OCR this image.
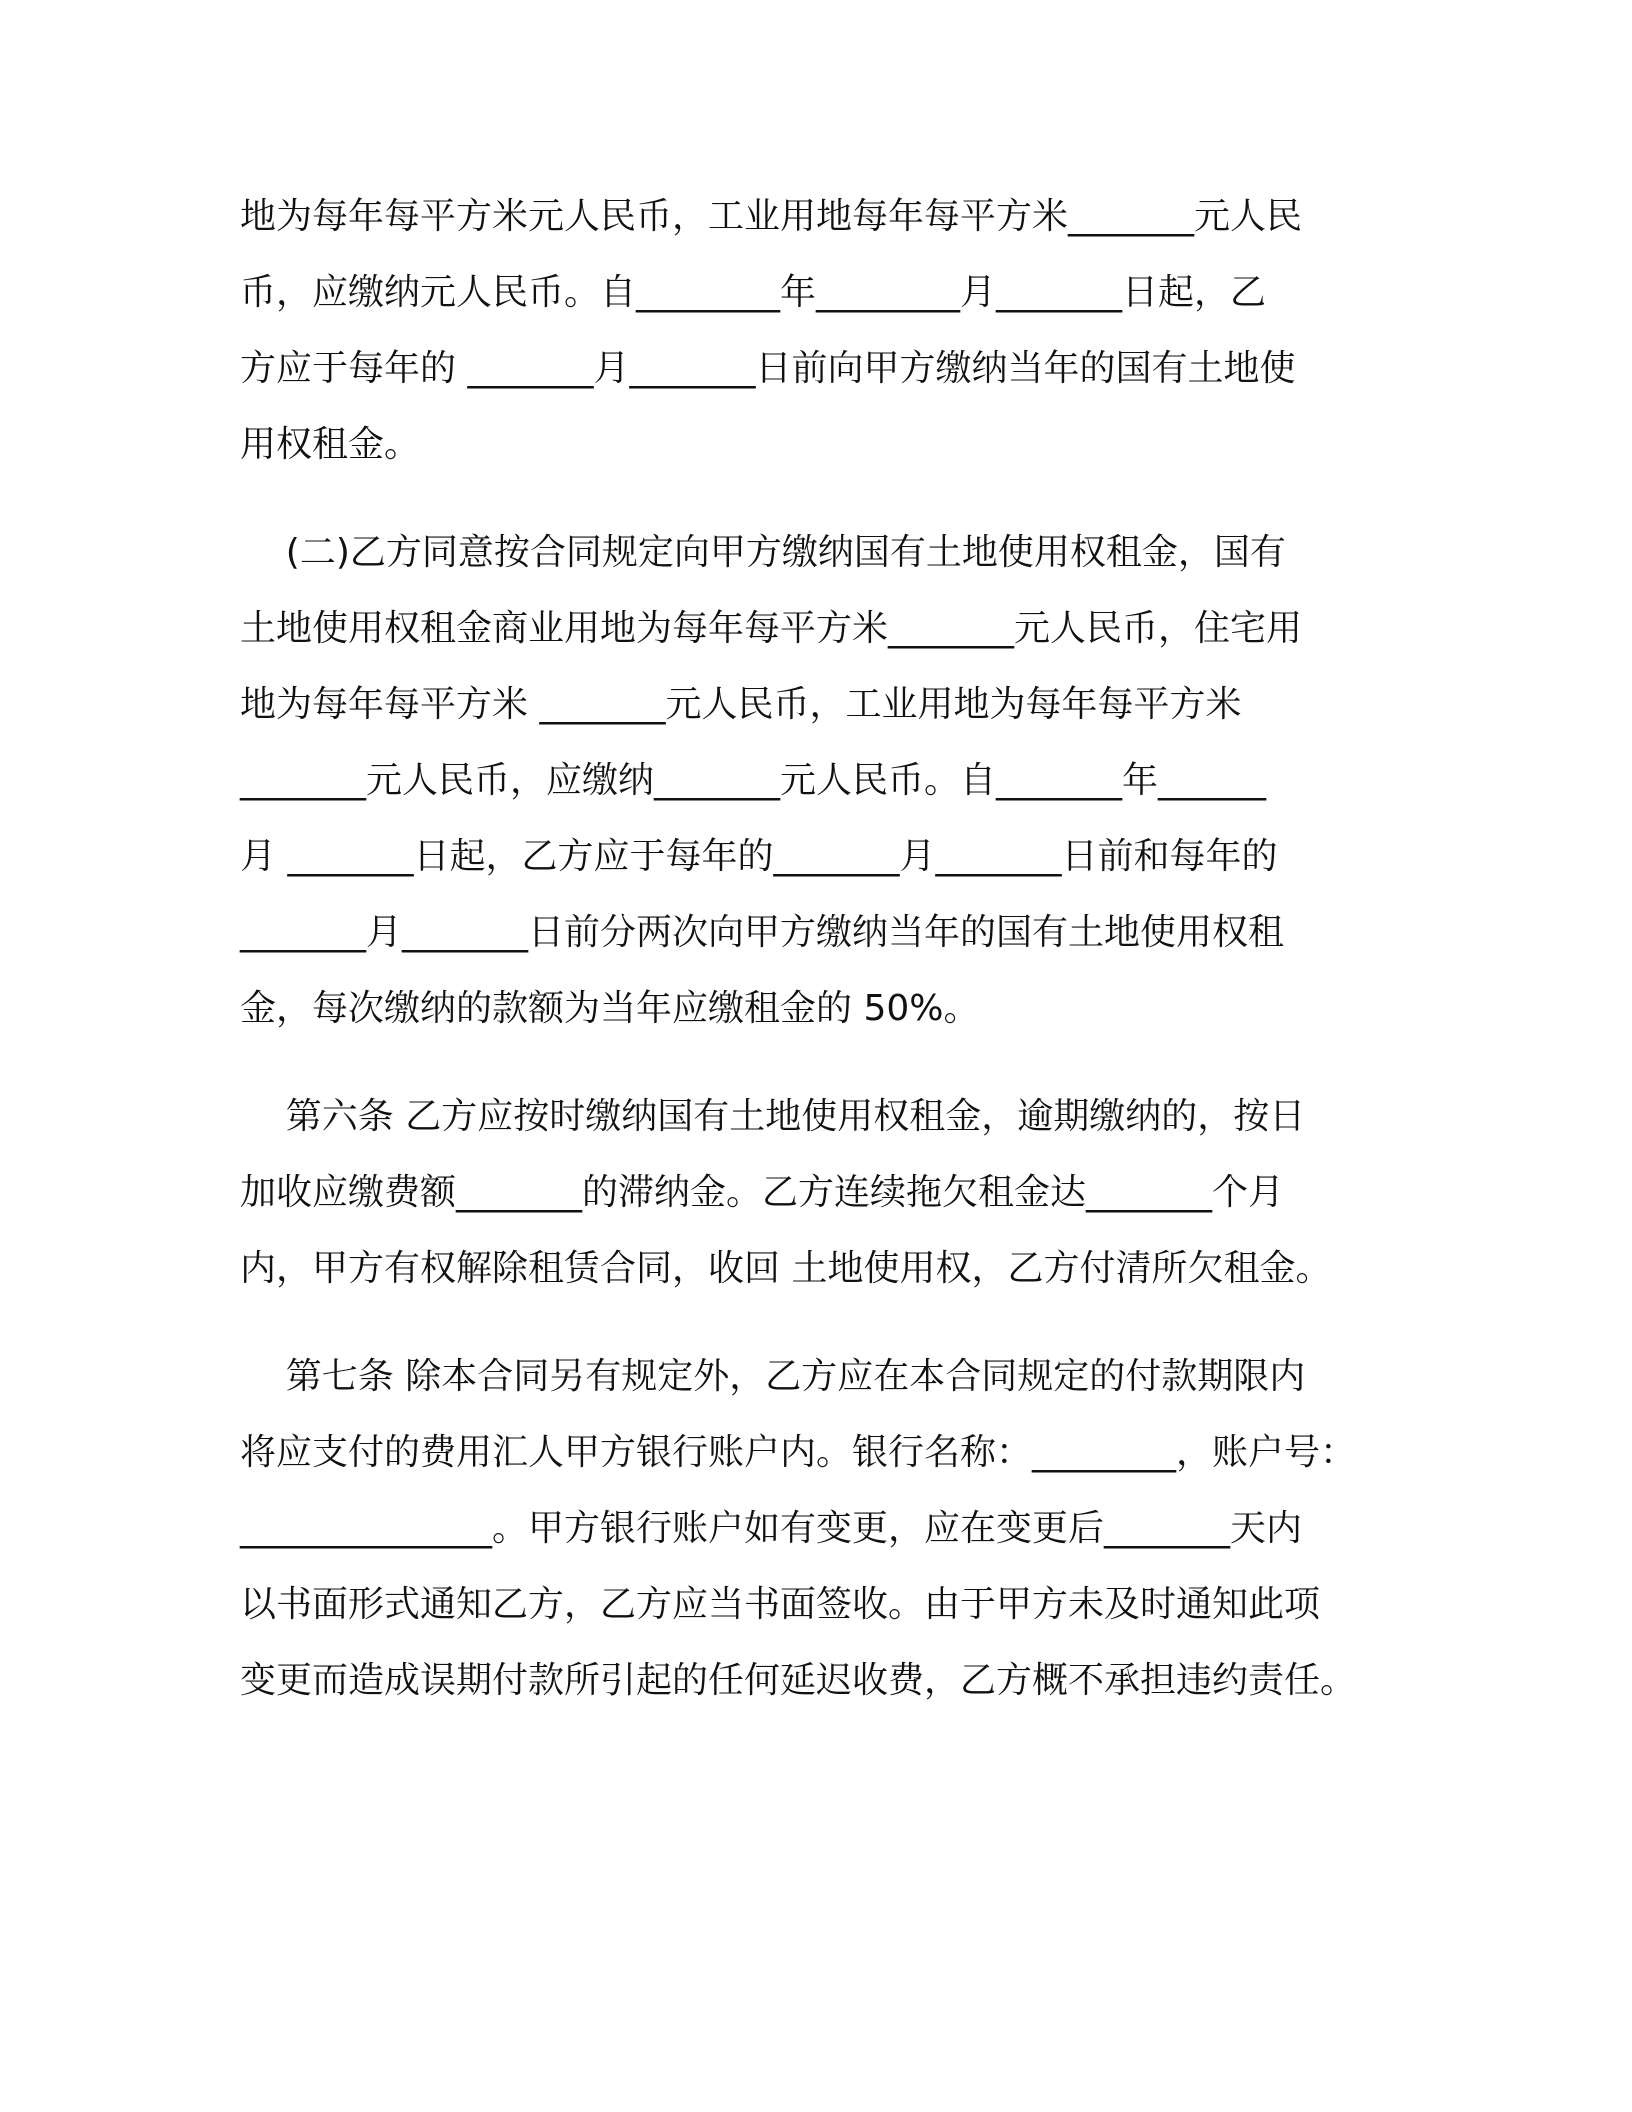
地为每年每平方米元人民币，工业用地每年每平方米_______元人民
币，应缴纳元人民币。自________年________月_______日起，乙
方应于每年的 _______月_______日前向甲方缴纳当年的国有土地使
用权租金。
(二)乙方同意按合同规定向甲方缴纳国有土地使用权租金，国有
土地使用权租金商业用地为每年每平方米_______元人民币，住宅用
地为每年每平方米 _______元人民币，工业用地为每年每平方米
_______元人民币，应缴纳_______元人民币。自_______年______
月 _______日起，乙方应于每年的_______月_______日前和每年的
_______月_______日前分两次向甲方缴纳当年的国有土地使用权租
金，每次缴纳的款额为当年应缴租金的 50%。
第六条 乙方应按时缴纳国有土地使用权租金，逾期缴纳的，按日
加收应缴费额_______的滞纳金。乙方连续拖欠租金达_______个月
内，甲方有权解除租赁合同，收回 土地使用权，乙方付清所欠租金。
第七条 除本合同另有规定外，乙方应在本合同规定的付款期限内
将应支付的费用汇人甲方银行账户内。银行名称：________，账户号：
______________。甲方银行账户如有变更，应在变更后_______天内
以书面形式通知乙方，乙方应当书面签收。由于甲方未及时通知此项
变更而造成误期付款所引起的任何延迟收费，乙方概不承担违约责任。
